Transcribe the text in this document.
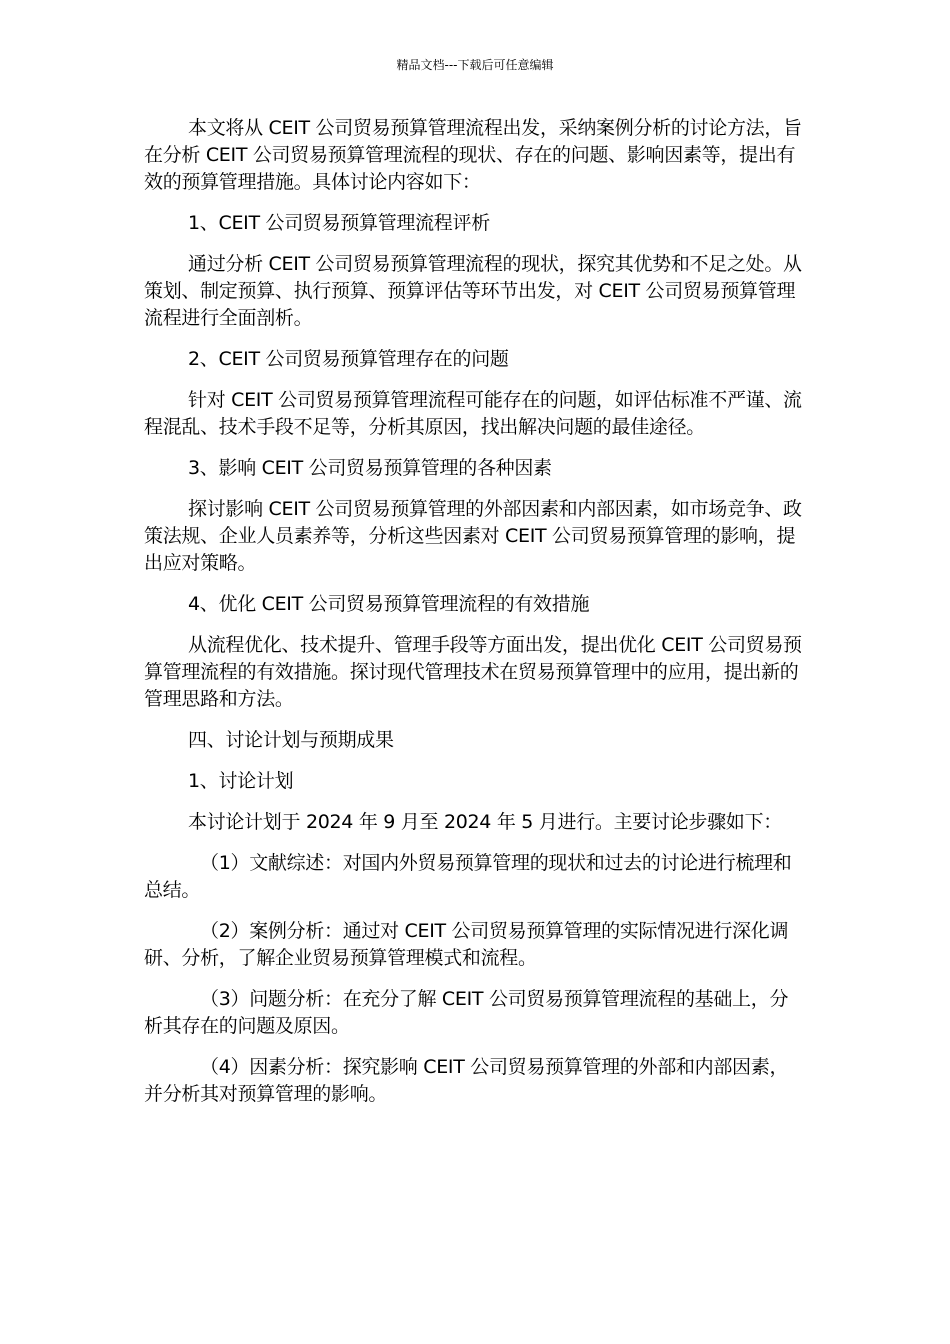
精品文档---下载后可任意编辑

本文将从 CEIT 公司贸易预算管理流程出发，采纳案例分析的讨论方法，旨在分析 CEIT 公司贸易预算管理流程的现状、存在的问题、影响因素等，提出有效的预算管理措施。具体讨论内容如下：

1、CEIT 公司贸易预算管理流程评析

通过分析 CEIT 公司贸易预算管理流程的现状，探究其优势和不足之处。从策划、制定预算、执行预算、预算评估等环节出发，对 CEIT 公司贸易预算管理流程进行全面剖析。

2、CEIT 公司贸易预算管理存在的问题

针对 CEIT 公司贸易预算管理流程可能存在的问题，如评估标准不严谨、流程混乱、技术手段不足等，分析其原因，找出解决问题的最佳途径。

3、影响 CEIT 公司贸易预算管理的各种因素

探讨影响 CEIT 公司贸易预算管理的外部因素和内部因素，如市场竞争、政策法规、企业人员素养等，分析这些因素对 CEIT 公司贸易预算管理的影响，提出应对策略。

4、优化 CEIT 公司贸易预算管理流程的有效措施

从流程优化、技术提升、管理手段等方面出发，提出优化 CEIT 公司贸易预算管理流程的有效措施。探讨现代管理技术在贸易预算管理中的应用，提出新的管理思路和方法。

四、讨论计划与预期成果

1、讨论计划

本讨论计划于 2024 年 9 月至 2024 年 5 月进行。主要讨论步骤如下：

（1）文献综述：对国内外贸易预算管理的现状和过去的讨论进行梳理和总结。

（2）案例分析：通过对 CEIT 公司贸易预算管理的实际情况进行深化调研、分析，了解企业贸易预算管理模式和流程。

（3）问题分析：在充分了解 CEIT 公司贸易预算管理流程的基础上，分析其存在的问题及原因。

（4）因素分析：探究影响 CEIT 公司贸易预算管理的外部和内部因素，并分析其对预算管理的影响。
